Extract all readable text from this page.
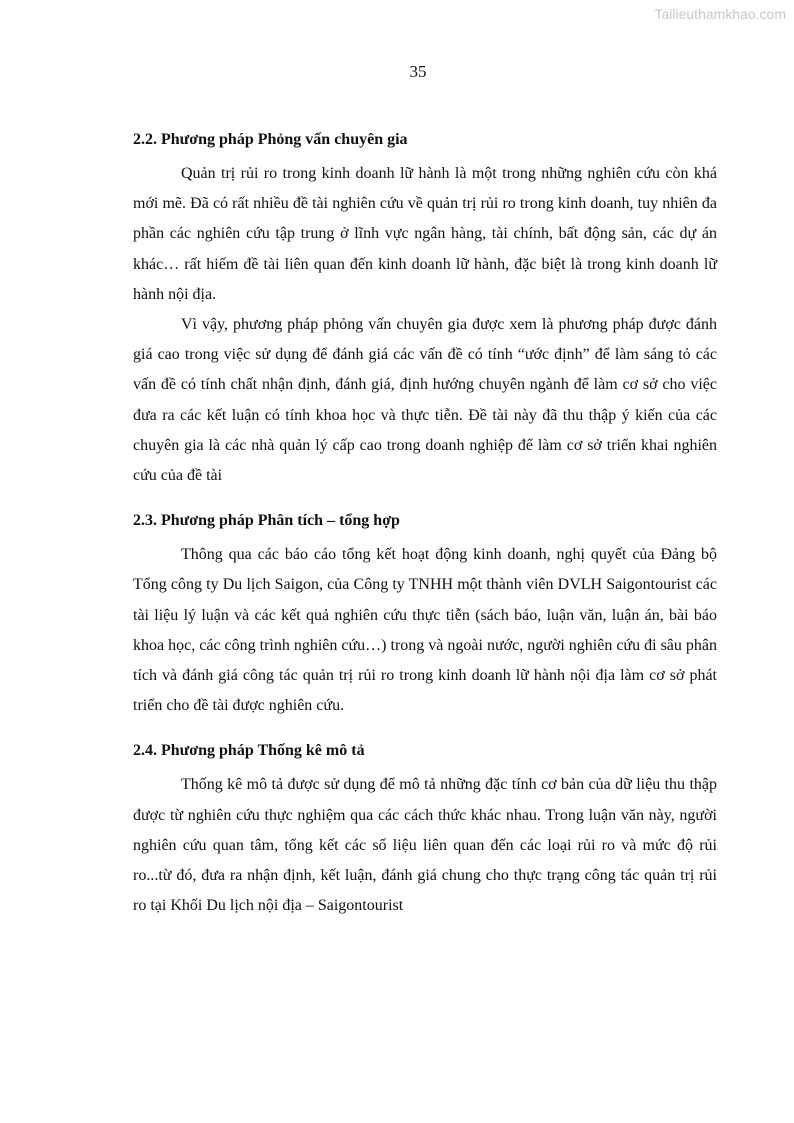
Tailieuthamkhao.com
35
2.2. Phương pháp Phỏng vấn chuyên gia

Quản trị rủi ro trong kinh doanh lữ hành là một trong những nghiên cứu còn khá mới mẽ. Đã có rất nhiều đề tài nghiên cứu về quản trị rủi ro trong kinh doanh, tuy nhiên đa phần các nghiên cứu tập trung ở lĩnh vực ngân hàng, tài chính, bất động sản, các dự án khác… rất hiếm đề tài liên quan đến kinh doanh lữ hành, đặc biệt là trong kinh doanh lữ hành nội địa.

Vì vậy, phương pháp phỏng vấn chuyên gia được xem là phương pháp được đánh giá cao trong việc sử dụng để đánh giá các vấn đề có tính “ước định” để làm sáng tỏ các vấn đề có tính chất nhận định, đánh giá, định hướng chuyên ngành để làm cơ sở cho việc đưa ra các kết luận có tính khoa học và thực tiễn. Đề tài này đã thu thập ý kiến của các chuyên gia là các nhà quản lý cấp cao trong doanh nghiệp để làm cơ sở triển khai nghiên cứu của đề tài

2.3. Phương pháp Phân tích – tổng hợp

Thông qua các báo cáo tổng kết hoạt động kinh doanh, nghị quyết của Đảng bộ Tổng công ty Du lịch Saigon, của Công ty TNHH một thành viên DVLH Saigontourist các tài liệu lý luận và các kết quả nghiên cứu thực tiễn (sách báo, luận văn, luận án, bài báo khoa học, các công trình nghiên cứu…) trong và ngoài nước, người nghiên cứu đi sâu phân tích và đánh giá công tác quản trị rủi ro trong kinh doanh lữ hành nội địa làm cơ sở phát triển cho đề tài được nghiên cứu.

2.4. Phương pháp Thống kê mô tả

Thống kê mô tả được sử dụng để mô tả những đặc tính cơ bản của dữ liệu thu thập được từ nghiên cứu thực nghiệm qua các cách thức khác nhau. Trong luận văn này, người nghiên cứu quan tâm, tổng kết các số liệu liên quan đến các loại rủi ro và mức độ rủi ro...từ đó, đưa ra nhận định, kết luận, đánh giá chung cho thực trạng công tác quản trị rủi ro tại Khối Du lịch nội địa – Saigontourist
